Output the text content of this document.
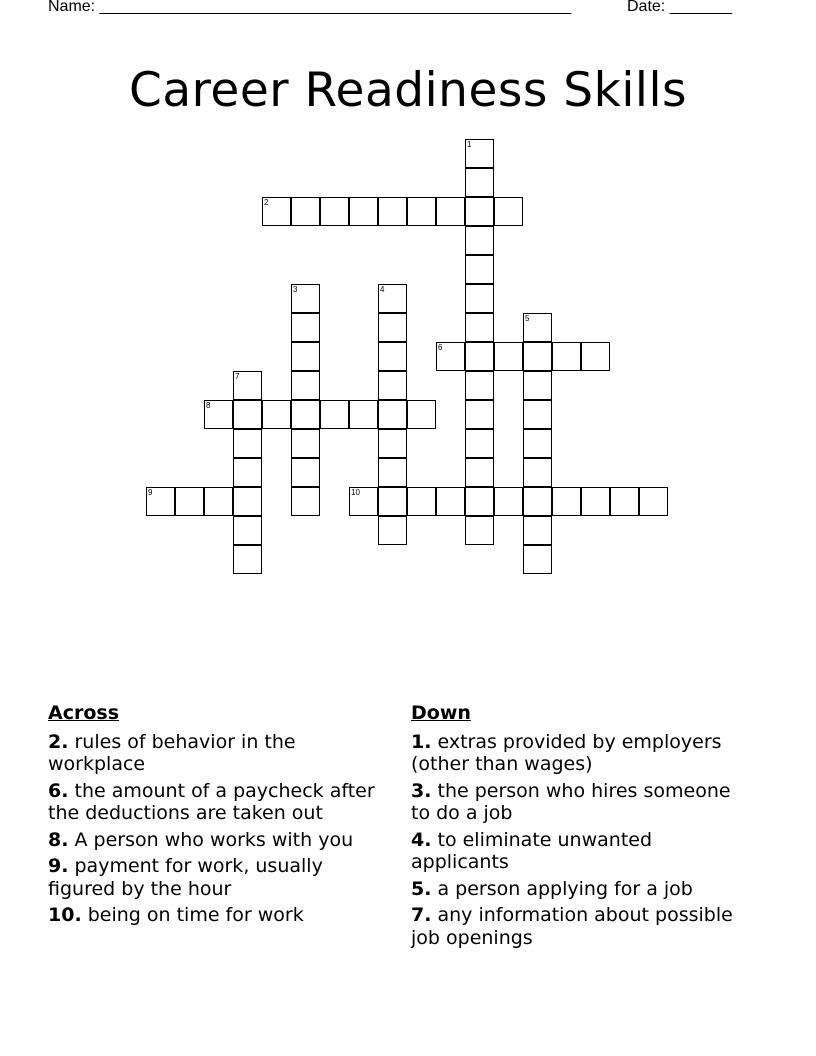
Name: _____________________________________________________	Date: _______
Career Readiness Skills
1
2
3	4
5
6
7
8
9	10
Across
2. rules of behavior in the workplace
6. the amount of a paycheck after the deductions are taken out
8. A person who works with you
9. payment for work, usually figured by the hour
10. being on time for work
Down
1. extras provided by employers (other than wages)
3. the person who hires someone to do a job
4. to eliminate unwanted applicants
5. a person applying for a job
7. any information about possible job openings
